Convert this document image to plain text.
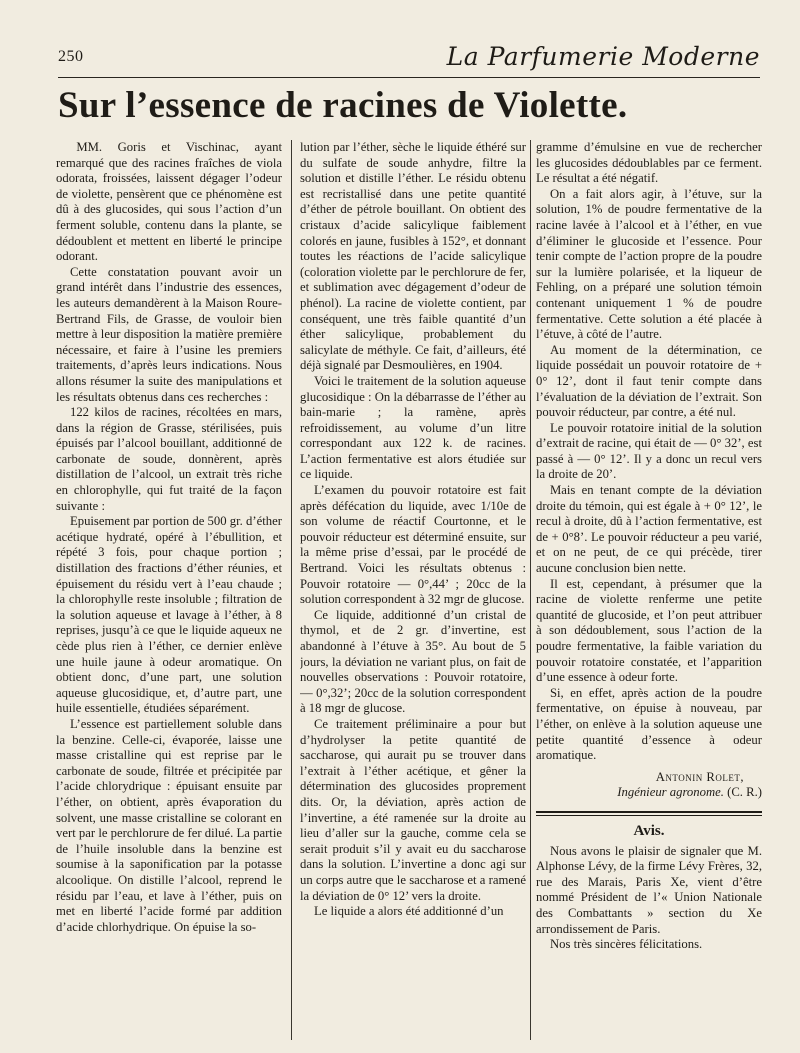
250	La Parfumerie Moderne
Sur l’essence de racines de Violette.

MM. Goris et Vischinac, ayant remarqué que des racines fraîches de viola odorata, froissées, laissent dégager l’odeur de violette, pensèrent que ce phénomène est dû à des glucosides, qui sous l’action d’un ferment soluble, contenu dans la plante, se dédoublent et mettent en liberté le principe odorant.

Cette constatation pouvant avoir un grand intérêt dans l’industrie des essences, les auteurs demandèrent à la Maison Roure-Bertrand Fils, de Grasse, de vouloir bien mettre à leur disposition la matière première nécessaire, et faire à l’usine les premiers traitements, d’après leurs indications. Nous allons résumer la suite des manipulations et les résultats obtenus dans ces recherches :

122 kilos de racines, récoltées en mars, dans la région de Grasse, stérilisées, puis épuisés par l’alcool bouillant, additionné de carbonate de soude, donnèrent, après distillation de l’alcool, un extrait très riche en chlorophylle, qui fut traité de la façon suivante :

Epuisement par portion de 500 gr. d’éther acétique hydraté, opéré à l’ébullition, et répété 3 fois, pour chaque portion ; distillation des fractions d’éther réunies, et épuisement du résidu vert à l’eau chaude ; la chlorophylle reste insoluble ; filtration de la solution aqueuse et lavage à l’éther, à 8 reprises, jusqu’à ce que le liquide aqueux ne cède plus rien à l’éther, ce dernier enlève une huile jaune à odeur aromatique. On obtient donc, d’une part, une solution aqueuse glucosidique, et, d’autre part, une huile essentielle, étudiées séparément.

L’essence est partiellement soluble dans la benzine. Celle-ci, évaporée, laisse une masse cristalline qui est reprise par le carbonate de soude, filtrée et précipitée par l’acide chlorydrique : épuisant ensuite par l’éther, on obtient, après évaporation du solvent, une masse cristalline se colorant en vert par le perchlorure de fer dilué. La partie de l’huile insoluble dans la benzine est soumise à la saponification par la potasse alcoolique. On distille l’alcool, reprend le résidu par l’eau, et lave à l’éther, puis on met en liberté l’acide formé par addition d’acide chlorhydrique. On épuise la so-

lution par l’éther, sèche le liquide éthéré sur du sulfate de soude anhydre, filtre la solution et distille l’éther. Le résidu obtenu est recristallisé dans une petite quantité d’éther de pétrole bouillant. On obtient des cristaux d’acide salicylique faiblement colorés en jaune, fusibles à 152°, et donnant toutes les réactions de l’acide salicylique (coloration violette par le perchlorure de fer, et sublimation avec dégagement d’odeur de phénol). La racine de violette contient, par conséquent, une très faible quantité d’un éther salicylique, probablement du salicylate de méthyle. Ce fait, d’ailleurs, été déjà signalé par Desmoulières, en 1904.

Voici le traitement de la solution aqueuse glucosidique : On la débarrasse de l’éther au bain-marie ; la ramène, après refroidissement, au volume d’un litre correspondant aux 122 k. de racines. L’action fermentative est alors étudiée sur ce liquide.

L’examen du pouvoir rotatoire est fait après défécation du liquide, avec 1/10e de son volume de réactif Courtonne, et le pouvoir réducteur est déterminé ensuite, sur la même prise d’essai, par le procédé de Bertrand. Voici les résultats obtenus : Pouvoir rotatoire — 0°,44’ ; 20cc de la solution correspondent à 32 mgr de glucose.

Ce liquide, additionné d’un cristal de thymol, et de 2 gr. d’invertine, est abandonné à l’étuve à 35°. Au bout de 5 jours, la déviation ne variant plus, on fait de nouvelles observations : Pouvoir rotatoire, — 0°,32’; 20cc de la solution correspondent à 18 mgr de glucose.

Ce traitement préliminaire a pour but d’hydrolyser la petite quantité de saccharose, qui aurait pu se trouver dans l’extrait à l’éther acétique, et gêner la détermination des glucosides proprement dits. Or, la déviation, après action de l’invertine, a été ramenée sur la droite au lieu d’aller sur la gauche, comme cela se serait produit s’il y avait eu du saccharose dans la solution. L’invertine a donc agi sur un corps autre que le saccharose et a ramené la déviation de 0° 12’ vers la droite.

Le liquide a alors été additionné d’un

gramme d’émulsine en vue de rechercher les glucosides dédoublables par ce ferment. Le résultat a été négatif.

On a fait alors agir, à l’étuve, sur la solution, 1% de poudre fermentative de la racine lavée à l’alcool et à l’éther, en vue d’éliminer le glucoside et l’essence. Pour tenir compte de l’action propre de la poudre sur la lumière polarisée, et la liqueur de Fehling, on a préparé une solution témoin contenant uniquement 1 % de poudre fermentative. Cette solution a été placée à l’étuve, à côté de l’autre.

Au moment de la détermination, ce liquide possédait un pouvoir rotatoire de + 0° 12’, dont il faut tenir compte dans l’évaluation de la déviation de l’extrait. Son pouvoir réducteur, par contre, a été nul.

Le pouvoir rotatoire initial de la solution d’extrait de racine, qui était de — 0° 32’, est passé à — 0° 12’. Il y a donc un recul vers la droite de 20’.

Mais en tenant compte de la déviation droite du témoin, qui est égale à + 0° 12’, le recul à droite, dû à l’action fermentative, est de + 0°8’. Le pouvoir réducteur a peu varié, et on ne peut, de ce qui précède, tirer aucune conclusion bien nette.

Il est, cependant, à présumer que la racine de violette renferme une petite quantité de glucoside, et l’on peut attribuer à son dédoublement, sous l’action de la poudre fermentative, la faible variation du pouvoir rotatoire constatée, et l’apparition d’une essence à odeur forte.

Si, en effet, après action de la poudre fermentative, on épuise à nouveau, par l’éther, on enlève à la solution aqueuse une petite quantité d’essence à odeur aromatique.

Antonin Rolet,
Ingénieur agronome. (C. R.)
Avis.

Nous avons le plaisir de signaler que M. Alphonse Lévy, de la firme Lévy Frères, 32, rue des Marais, Paris Xe, vient d’être nommé Président de l’« Union Nationale des Combattants » section du Xe arrondissement de Paris.

Nos très sincères félicitations.
